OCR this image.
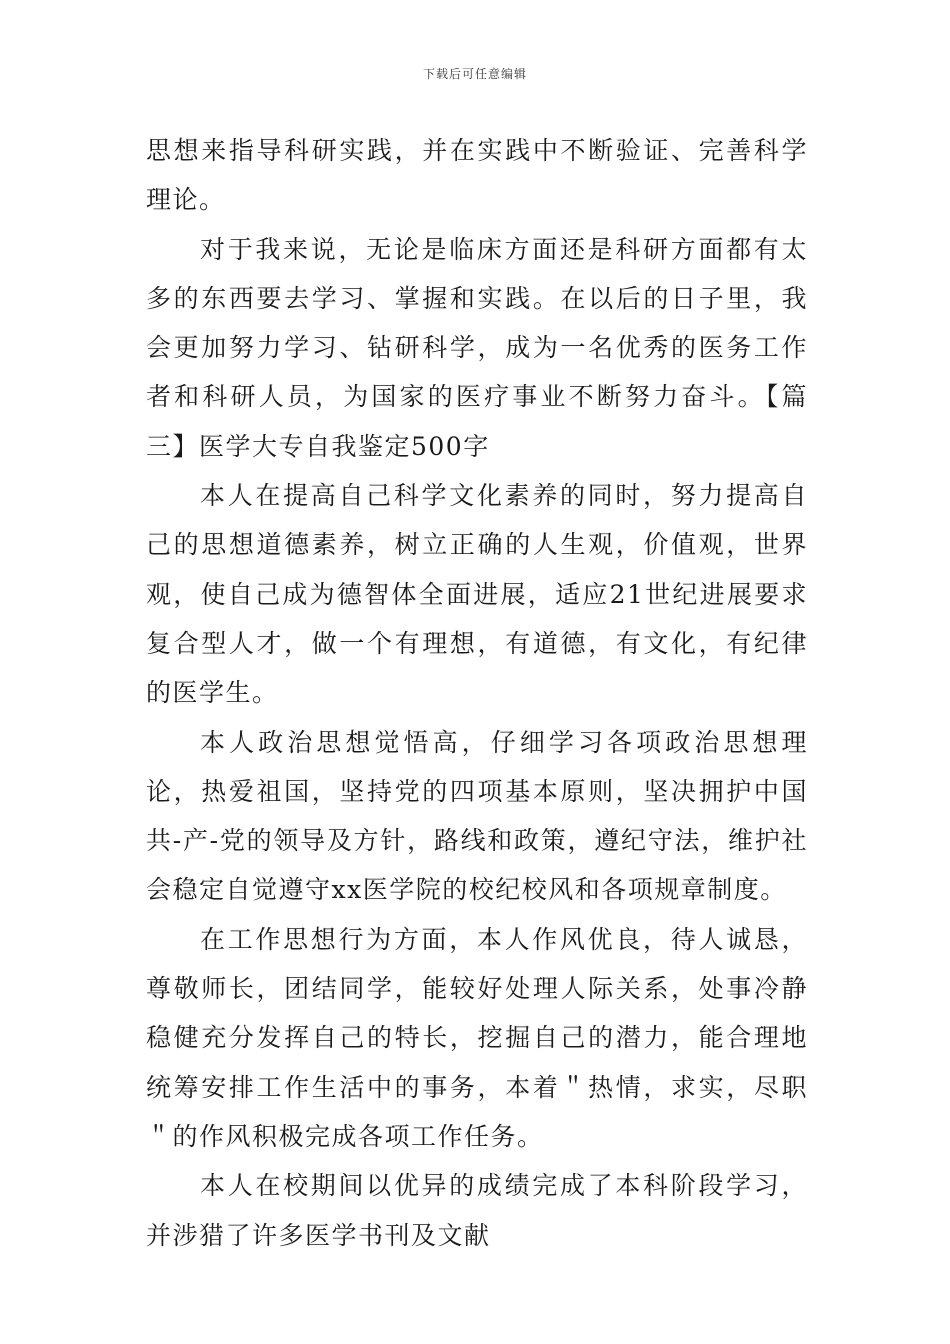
下载后可任意编辑

思想来指导科研实践，并在实践中不断验证、完善科学理论。

对于我来说，无论是临床方面还是科研方面都有太多的东西要去学习、掌握和实践。在以后的日子里，我会更加努力学习、钻研科学，成为一名优秀的医务工作者和科研人员，为国家的医疗事业不断努力奋斗。【篇三】医学大专自我鉴定500字

本人在提高自己科学文化素养的同时，努力提高自己的思想道德素养，树立正确的人生观，价值观，世界观，使自己成为德智体全面进展，适应21世纪进展要求复合型人才，做一个有理想，有道德，有文化，有纪律的医学生。

本人政治思想觉悟高，仔细学习各项政治思想理论，热爱祖国，坚持党的四项基本原则，坚决拥护中国共-产-党的领导及方针，路线和政策，遵纪守法，维护社会稳定自觉遵守xx医学院的校纪校风和各项规章制度。

在工作思想行为方面，本人作风优良，待人诚恳，尊敬师长，团结同学，能较好处理人际关系，处事冷静稳健充分发挥自己的特长，挖掘自己的潜力，能合理地统筹安排工作生活中的事务，本着＂热情，求实，尽职＂的作风积极完成各项工作任务。

本人在校期间以优异的成绩完成了本科阶段学习，并涉猎了许多医学书刊及文献
